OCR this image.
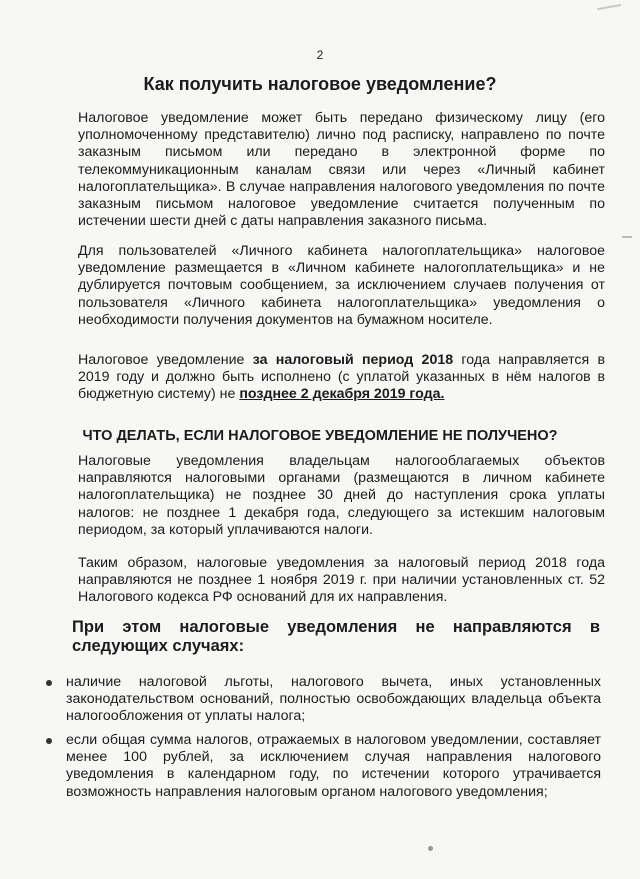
2
Как получить налоговое уведомление?

Налоговое уведомление может быть передано физическому лицу (его уполномоченному представителю) лично под расписку, направлено по почте заказным письмом или передано в электронной форме по телекоммуникационным каналам связи или через «Личный кабинет налогоплательщика». В случае направления налогового уведомления по почте заказным письмом налоговое уведомление считается полученным по истечении шести дней с даты направления заказного письма.

Для пользователей «Личного кабинета налогоплательщика» налоговое уведомление размещается в «Личном кабинете налогоплательщика» и не дублируется почтовым сообщением, за исключением случаев получения от пользователя «Личного кабинета налогоплательщика» уведомления о необходимости получения документов на бумажном носителе.

Налоговое уведомление за налоговый период 2018 года направляется в 2019 году и должно быть исполнено (с уплатой указанных в нём налогов в бюджетную систему) не позднее 2 декабря 2019 года.

ЧТО ДЕЛАТЬ, ЕСЛИ НАЛОГОВОЕ УВЕДОМЛЕНИЕ НЕ ПОЛУЧЕНО?

Налоговые уведомления владельцам налогооблагаемых объектов направляются налоговыми органами (размещаются в личном кабинете налогоплательщика) не позднее 30 дней до наступления срока уплаты налогов: не позднее 1 декабря года, следующего за истекшим налоговым периодом, за который уплачиваются налоги.

Таким образом, налоговые уведомления за налоговый период 2018 года направляются не позднее 1 ноября 2019 г. при наличии установленных ст. 52 Налогового кодекса РФ оснований для их направления.

При этом налоговые уведомления не направляются в следующих случаях:

наличие налоговой льготы, налогового вычета, иных установленных законодательством оснований, полностью освобождающих владельца объекта налогообложения от уплаты налога;

если общая сумма налогов, отражаемых в налоговом уведомлении, составляет менее 100 рублей, за исключением случая направления налогового уведомления в календарном году, по истечении которого утрачивается возможность направления налоговым органом налогового уведомления;
